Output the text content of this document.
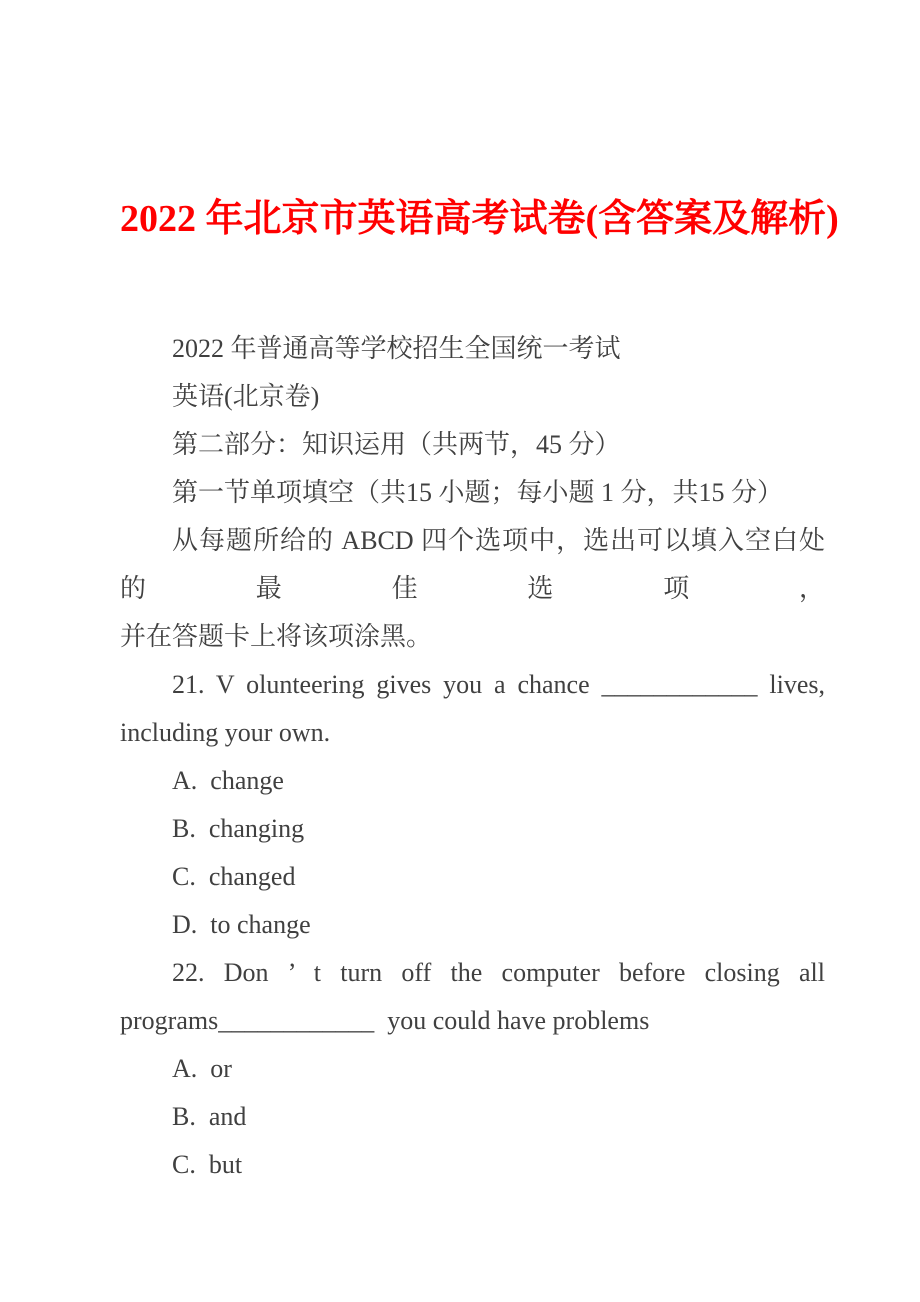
2022 年北京市英语高考试卷(含答案及解析)
2022 年普通高等学校招生全国统一考试
英语(北京卷)
第二部分：知识运用（共两节，45 分）
第一节单项填空（共15 小题；每小题 1 分，共15 分）
从每题所给的 ABCD 四个选项中，选出可以填入空白处的最佳选项，
并在答题卡上将该项涂黑。
21. V olunteering gives you a chance ____________ lives,
including your own.
A.  change
B.  changing
C.  changed
D.  to change
22. Don ’ t turn off the computer before closing all
programs____________  you could have problems
A.  or
B.  and
C.  but
